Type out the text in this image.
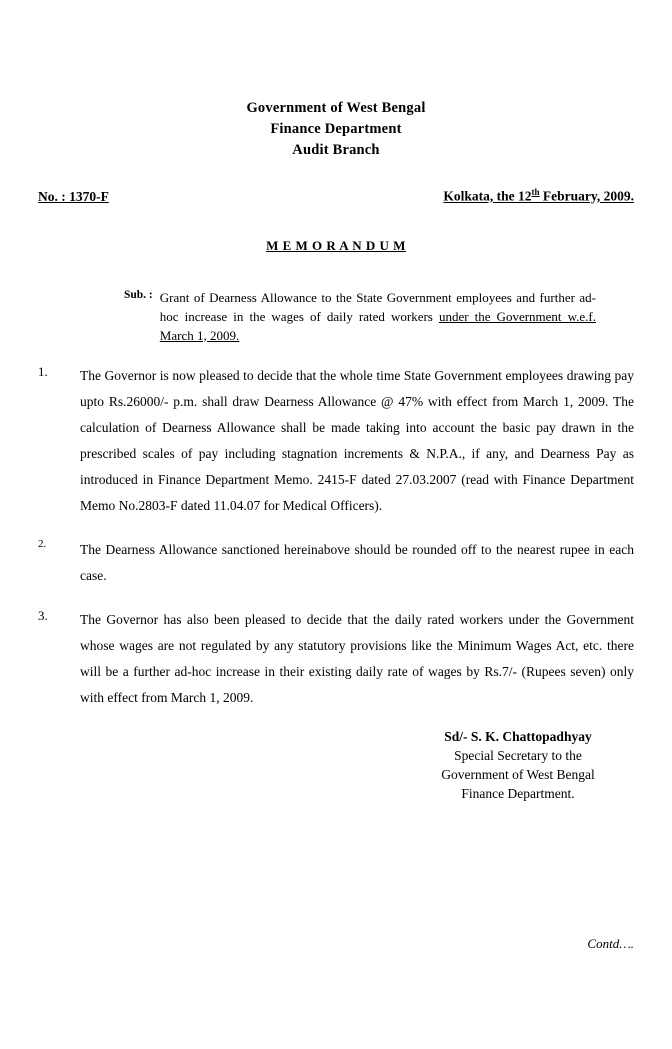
Government of West Bengal
Finance Department
Audit Branch
No. : 1370-F	Kolkata, the 12th February, 2009.
M E M O R A N D U M
Sub. : Grant of Dearness Allowance to the State Government employees and further ad-hoc increase in the wages of daily rated workers under the Government w.e.f. March 1, 2009.
1.	The Governor is now pleased to decide that the whole time State Government employees drawing pay upto Rs.26000/- p.m. shall draw Dearness Allowance @ 47% with effect from March 1, 2009. The calculation of Dearness Allowance shall be made taking into account the basic pay drawn in the prescribed scales of pay including stagnation increments & N.P.A., if any, and Dearness Pay as introduced in Finance Department Memo. 2415-F dated 27.03.2007 (read with Finance Department Memo No.2803-F dated 11.04.07 for Medical Officers).
2.	The Dearness Allowance sanctioned hereinabove should be rounded off to the nearest rupee in each case.
3.	The Governor has also been pleased to decide that the daily rated workers under the Government whose wages are not regulated by any statutory provisions like the Minimum Wages Act, etc. there will be a further ad-hoc increase in their existing daily rate of wages by Rs.7/- (Rupees seven) only with effect from March 1, 2009.
Sd/- S. K. Chattopadhyay
Special Secretary to the
Government of West Bengal
Finance Department.
Contd….
